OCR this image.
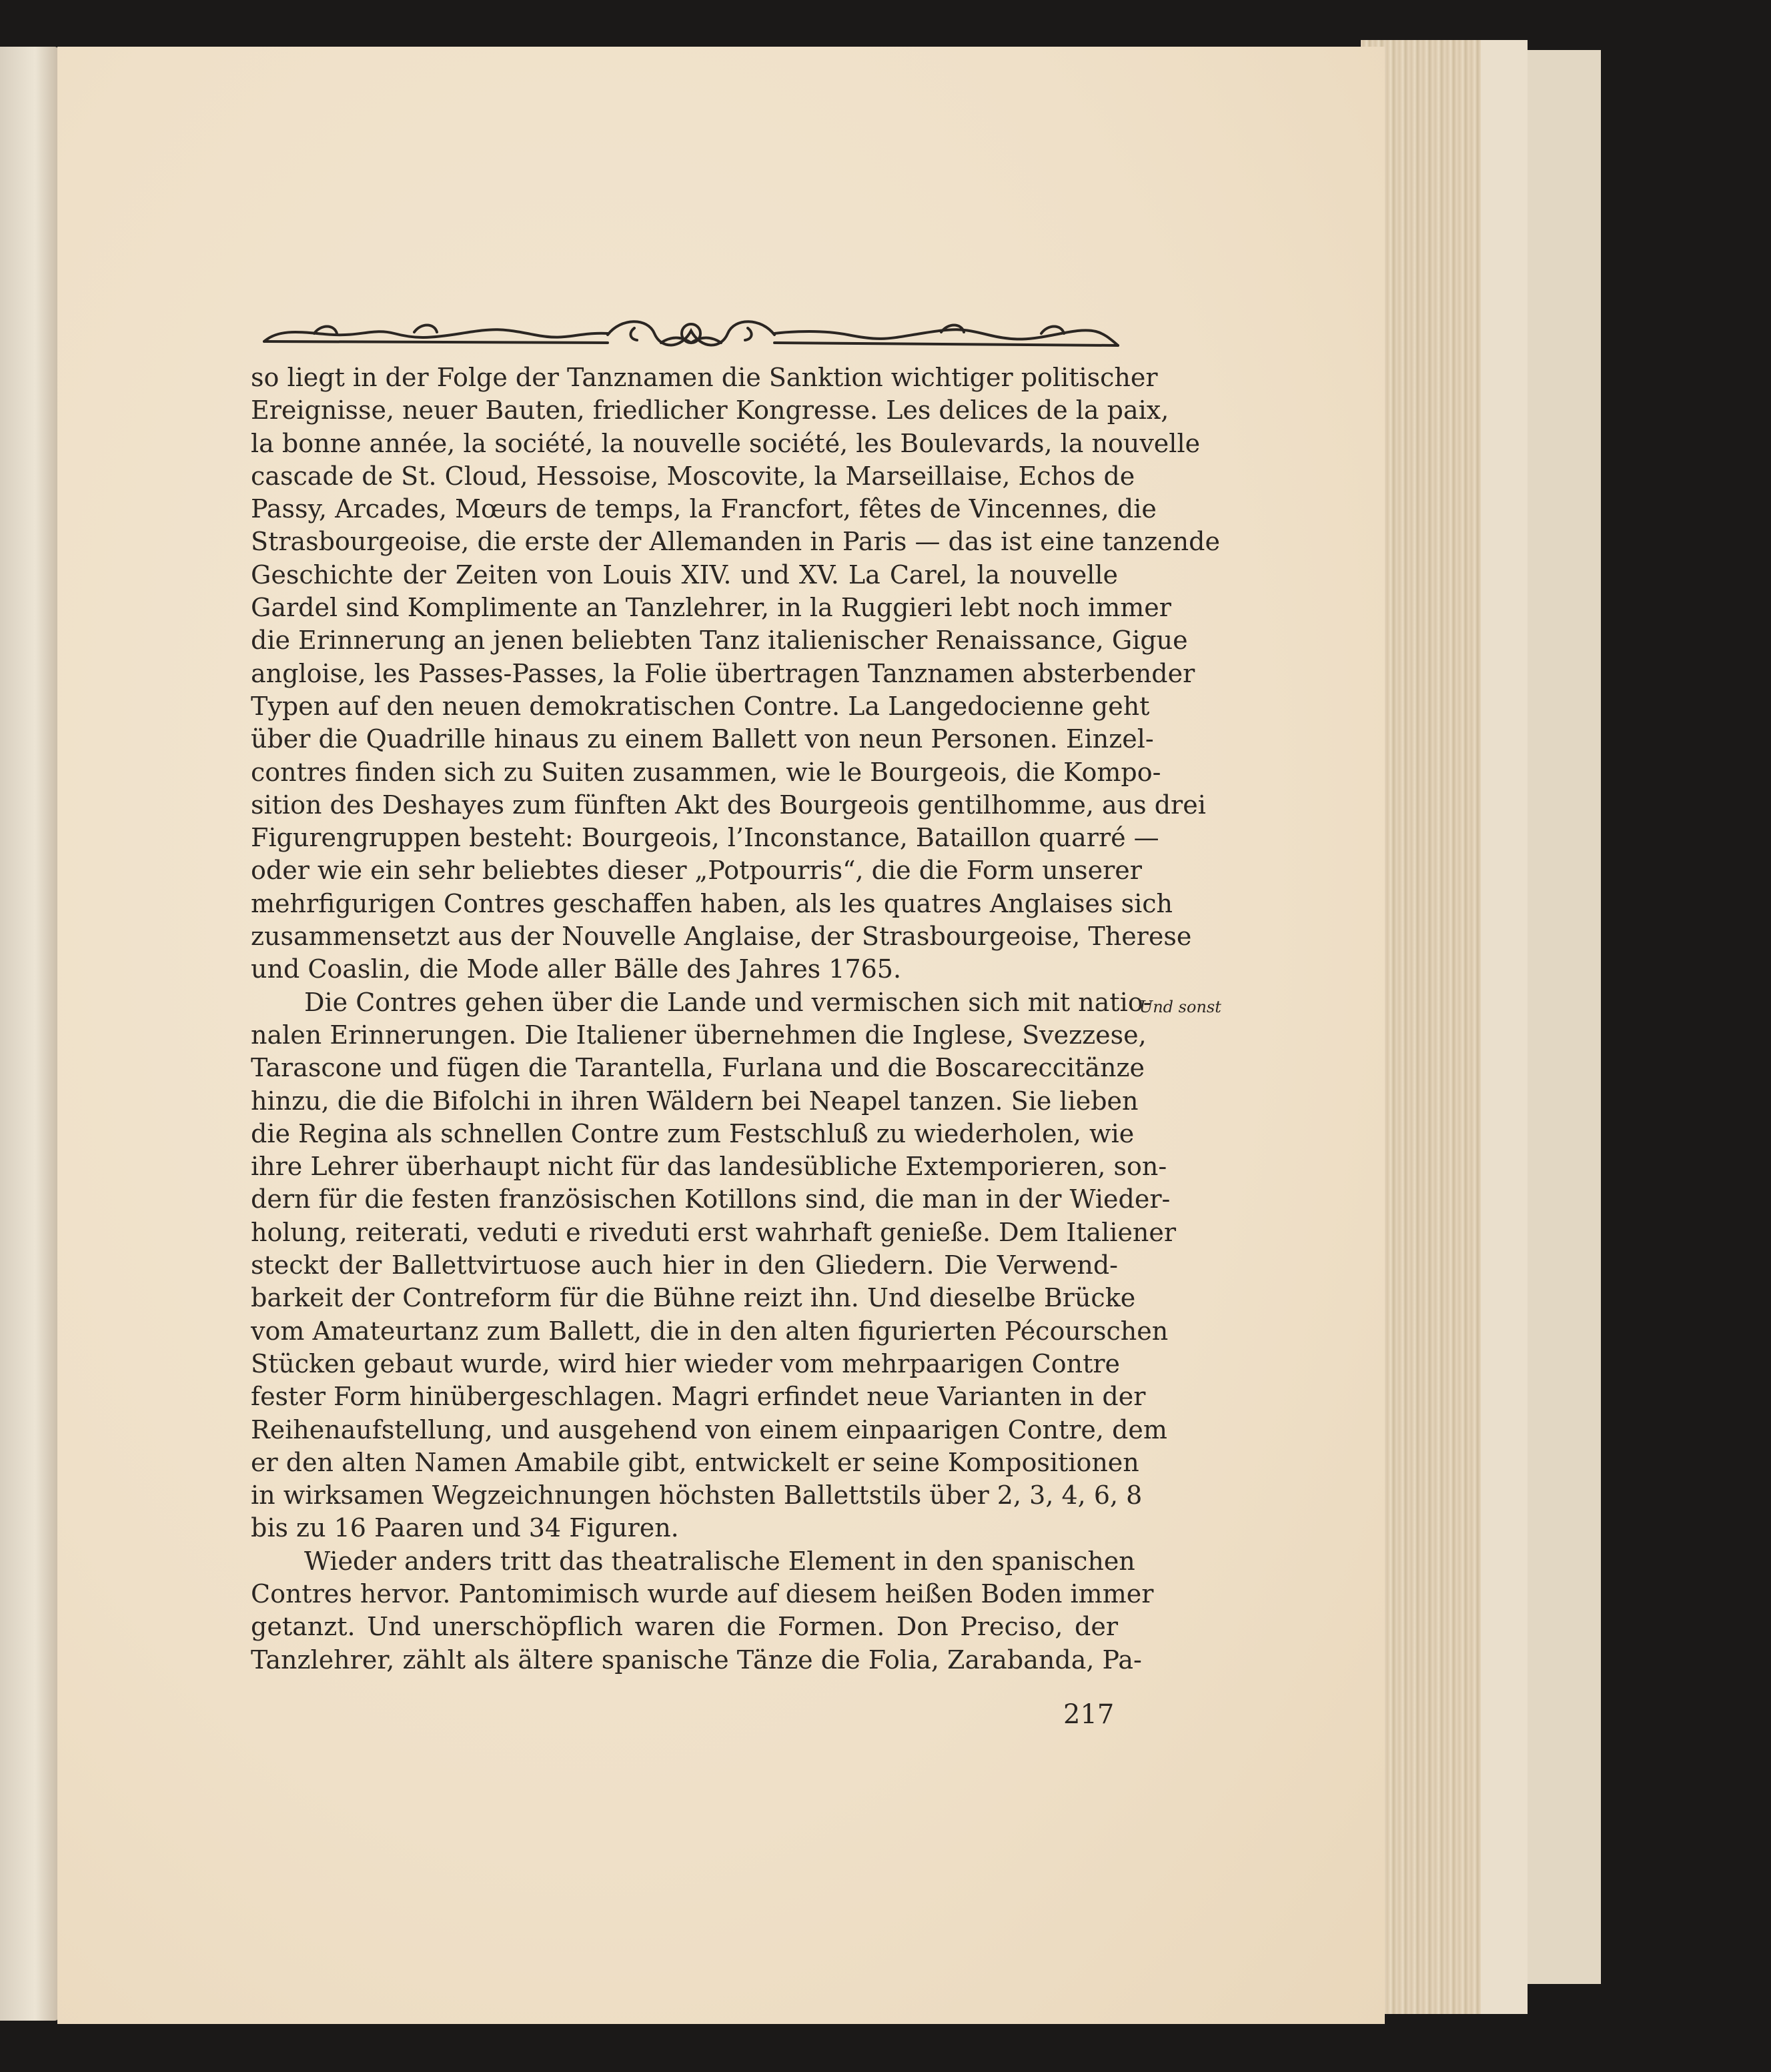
so liegt in der Folge der Tanznamen die Sanktion wichtiger politischer
Ereignisse, neuer Bauten, friedlicher Kongresse. Les delices de la paix,
la bonne année, la société, la nouvelle société, les Boulevards, la nouvelle
cascade de St. Cloud, Hessoise, Moscovite, la Marseillaise, Echos de
Passy, Arcades, Mœurs de temps, la Francfort, fêtes de Vincennes, die
Strasbourgeoise, die erste der Allemanden in Paris — das ist eine tanzende
Geschichte der Zeiten von Louis XIV. und XV. La Carel, la nouvelle
Gardel sind Komplimente an Tanzlehrer, in la Ruggieri lebt noch immer
die Erinnerung an jenen beliebten Tanz italienischer Renaissance, Gigue
angloise, les Passes-Passes, la Folie übertragen Tanznamen absterbender
Typen auf den neuen demokratischen Contre. La Langedocienne geht
über die Quadrille hinaus zu einem Ballett von neun Personen. Einzel-
contres finden sich zu Suiten zusammen, wie le Bourgeois, die Kompo-
sition des Deshayes zum fünften Akt des Bourgeois gentilhomme, aus drei
Figurengruppen besteht: Bourgeois, l’Inconstance, Bataillon quarré —
oder wie ein sehr beliebtes dieser „Potpourris“, die die Form unserer
mehrfigurigen Contres geschaffen haben, als les quatres Anglaises sich
zusammensetzt aus der Nouvelle Anglaise, der Strasbourgeoise, Therese
und Coaslin, die Mode aller Bälle des Jahres 1765.
Die Contres gehen über die Lande und vermischen sich mit natio-
nalen Erinnerungen. Die Italiener übernehmen die Inglese, Svezzese,
Tarascone und fügen die Tarantella, Furlana und die Boscareccitänze
hinzu, die die Bifolchi in ihren Wäldern bei Neapel tanzen. Sie lieben
die Regina als schnellen Contre zum Festschluß zu wiederholen, wie
ihre Lehrer überhaupt nicht für das landesübliche Extemporieren, son-
dern für die festen französischen Kotillons sind, die man in der Wieder-
holung, reiterati, veduti e riveduti erst wahrhaft genieße. Dem Italiener
steckt der Ballettvirtuose auch hier in den Gliedern. Die Verwend-
barkeit der Contreform für die Bühne reizt ihn. Und dieselbe Brücke
vom Amateurtanz zum Ballett, die in den alten figurierten Pécourschen
Stücken gebaut wurde, wird hier wieder vom mehrpaarigen Contre
fester Form hinübergeschlagen. Magri erfindet neue Varianten in der
Reihenaufstellung, und ausgehend von einem einpaarigen Contre, dem
er den alten Namen Amabile gibt, entwickelt er seine Kompositionen
in wirksamen Wegzeichnungen höchsten Ballettstils über 2, 3, 4, 6, 8
bis zu 16 Paaren und 34 Figuren.
Wieder anders tritt das theatralische Element in den spanischen
Contres hervor. Pantomimisch wurde auf diesem heißen Boden immer
getanzt. Und unerschöpflich waren die Formen. Don Preciso, der
Tanzlehrer, zählt als ältere spanische Tänze die Folia, Zarabanda, Pa-
Und sonst
217
